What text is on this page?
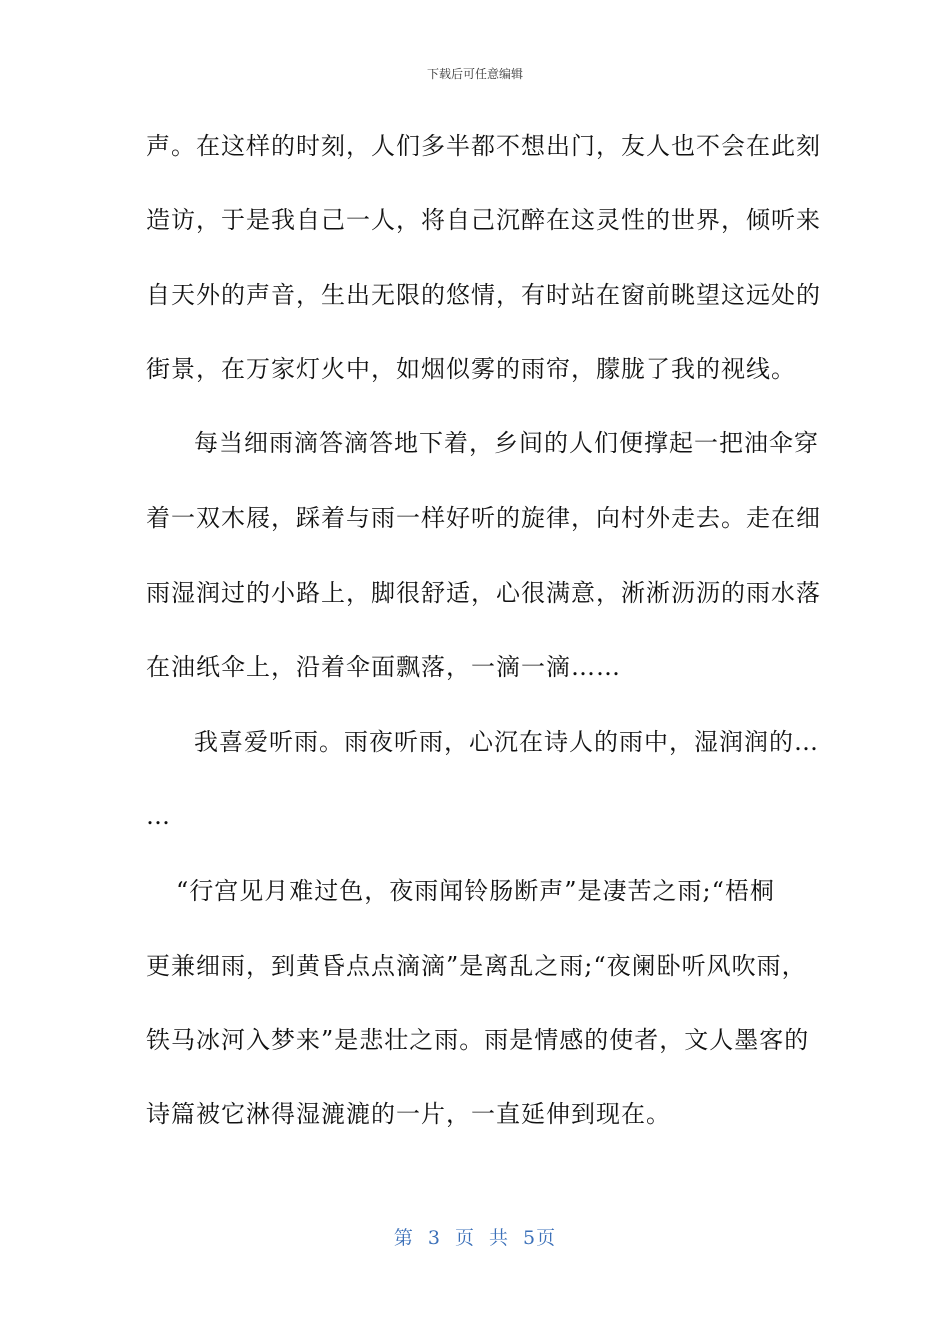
下载后可任意编辑
声。在这样的时刻，人们多半都不想出门，友人也不会在此刻
造访，于是我自己一人，将自己沉醉在这灵性的世界，倾听来
自天外的声音，生出无限的悠情，有时站在窗前眺望这远处的
街景，在万家灯火中，如烟似雾的雨帘，朦胧了我的视线。
每当细雨滴答滴答地下着，乡间的人们便撑起一把油伞穿
着一双木屐，踩着与雨一样好听的旋律，向村外走去。走在细
雨湿润过的小路上，脚很舒适，心很满意，淅淅沥沥的雨水落
在油纸伞上，沿着伞面飘落，一滴一滴……
我喜爱听雨。雨夜听雨，心沉在诗人的雨中，湿润润的…
…
“行宫见月难过色，夜雨闻铃肠断声”是凄苦之雨;“梧桐
更兼细雨，到黄昏点点滴滴”是离乱之雨;“夜阑卧听风吹雨，
铁马冰河入梦来”是悲壮之雨。雨是情感的使者，文人墨客的
诗篇被它淋得湿漉漉的一片，一直延伸到现在。
第 3 页 共 5页
